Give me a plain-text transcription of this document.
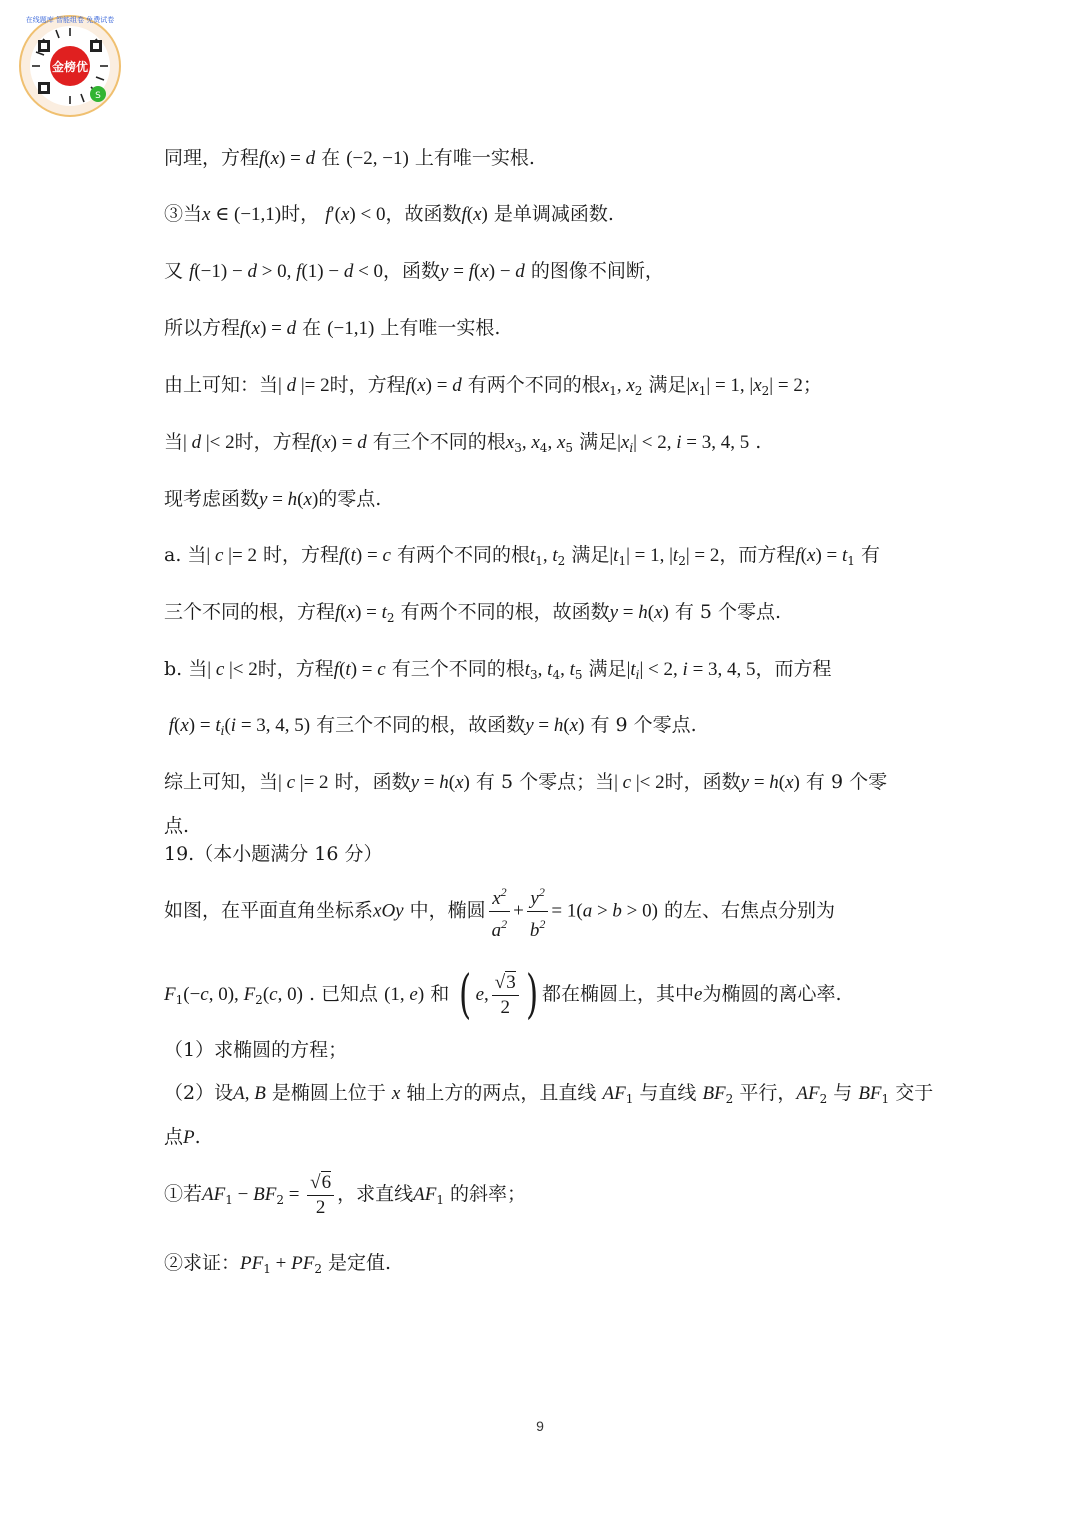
金榜优
S
在线题库 智能组卷 免费试卷
同理，方程f(x) = d 在 (−2, −1) 上有唯一实根.
③当x ∈ (−1,1)时， f′(x) < 0，故函数f(x) 是单调减函数.
又 f(−1) − d > 0, f(1) − d < 0，函数y = f(x) − d 的图像不间断，
所以方程f(x) = d 在 (−1,1) 上有唯一实根.
由上可知：当| d |= 2时，方程f(x) = d 有两个不同的根$x_1$, $x_2$ 满足$|x_1| = 1$, $|x_2| = 2$；
当| d |< 2时，方程f(x) = d 有三个不同的根$x_3$, $x_4$, $x_5$ 满足$|x_i| < 2$, i = 3, 4, 5 .
现考虑函数y = h(x)的零点.
a. 当| c |= 2 时，方程f(t) = c 有两个不同的根$t_1$, $t_2$ 满足$|t_1| = 1$, $|t_2| = 2$，而方程$f(x) = t_1$ 有
三个不同的根，方程$f(x) = t_2$ 有两个不同的根，故函数y = h(x) 有 5 个零点.
b. 当| c |< 2时，方程f(t) = c 有三个不同的根$t_3$, $t_4$, $t_5$ 满足$|t_i| < 2$, i = 3, 4, 5，而方程
$f(x) = t_i(i = 3$, 4, 5) 有三个不同的根，故函数y = h(x) 有 9 个零点.
综上可知，当| c |= 2 时，函数y = h(x) 有 5 个零点；当| c |< 2时，函数y = h(x) 有 9 个零
点.
19.（本小题满分 16 分）
如图，在平面直角坐标系xOy 中，椭圆 $\frac{x^2}{a^2} + \frac{y^2}{b^2} = 1(a > b > 0)$ 的左、右焦点分别为
$F_1(-c$, 0), $F_2(c$, 0) . 已知点 (1, e) 和 ( e, $\frac{√3}{2}$ ) 都在椭圆上，其中e为椭圆的离心率.
（1）求椭圆的方程；
（2）设A, B 是椭圆上位于 x 轴上方的两点，且直线 $AF_1$ 与直线 $BF_2$ 平行，$AF_2$ 与 $BF_1$ 交于
点P.
①若$AF_1 - BF_2 = \frac{√6}{2}$ ，求直线$AF_1$ 的斜率；
②求证：$PF_1 + PF_2$ 是定值.
9
